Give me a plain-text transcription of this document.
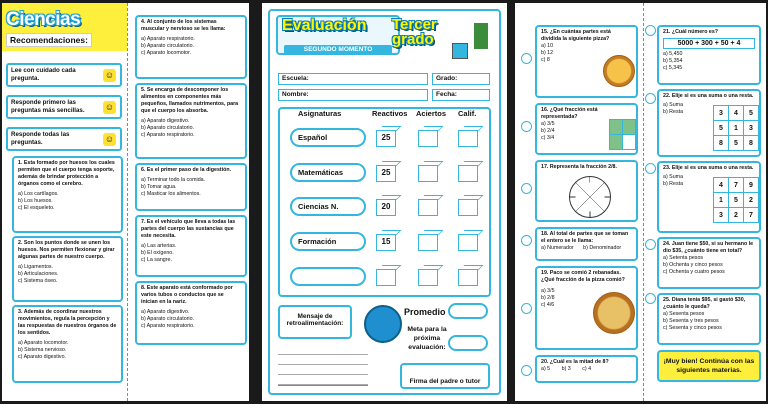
Ciencias
Recomendaciones:
Lee con cuidado cada pregunta.	☺
Responde primero las preguntas más sencillas.	☺
Responde todas las preguntas.	☺
1. Esta formado por huesos los cuales permiten que el cuerpo tenga soporte, además de brindar protección a órganos como el cerebro.
a) Los cartílagos.
b) Los huesos.
c) El esqueleto.
2. Son los puntos donde se unen los huesos. Nos permiten flexionar y girar algunas partes de nuestro cuerpo.
a) Ligamentos.
b) Articulaciones.
c) Sistema óseo.
3. Además de coordinar nuestros movimientos, regula la percepción y las respuestas de nuestros órganos de los sentidos.
a) Aparato locomotor.
b) Sistema nervioso.
c) Aparato digestivo.
4. Al conjunto de los sistemas muscular y nervioso se les llama:
a) Aparato respiratorio.
b) Aparato circulatorio.
c) Aparato locomotor.
5. Se encarga de descomponer los alimentos en componentes más pequeños, llamados nutrimentos, para que el cuerpo los absorba.
a) Aparato digestivo.
b) Aparato circulatorio.
c) Aparato respiratorio.
6. Es el primer paso de la digestión.
a) Terminar todo la comida.
b) Tomar agua.
c) Masticar los alimentos.
7. Es el vehículo que lleva a todas las partes del cuerpo las sustancias que este necesita.
a) Las arterias.
b) El oxígeno.
c) La sangre.
8. Este aparato está conformado por varios tubos o conductos que se inician en la nariz.
a) Aparato digestivo.
b) Aparato circulatorio.
c) Aparato respiratorio.
Evaluación
SEGUNDO MOMENTO
Tercer grado
Escuela:	Grado:
Nombre:	Fecha:
Asignaturas	Reactivos Aciertos Calif.
Español	25
Matemáticas	25
Ciencias N.	20
Formación	15
Mensaje de retroalimentación:
Promedio
Meta para la próxima evaluación:
Firma del padre o tutor
15. ¿En cuántas partes está dividida la siguiente pizza?
a) 10
b) 12
c) 8
16. ¿Qué fracción está representada?
a) 3/5
b) 2/4
c) 3/4

17. Representa la fracción 2/8.
18. Al total de partes que se toman el entero se le llama: a) Numerador b) Denominador
19. Paco se comió 2 rebanadas. ¿Qué fracción de la pizza comió?
a) 3/5
b) 2/8
c) 4/6
20. ¿Cuál es la mitad de 8?
a) 5 b) 3 c) 4
21. ¿Cuál número es?
5000 + 300 + 50 + 4
a) 5,450
b) 5,354
c) 5,345
22. Elije si es una suma o una resta.
a) Suma
b) Resta	3	4	5
5	1	3
8	5	8
23. Elije si es una suma o una resta.
a) Suma
b) Resta	4	7	9
1	5	2
3	2	7
24. Juan tiene $50, si su hermano le dio $35, ¿cuánto tiene en total?
a) Setenta pesos
b) Ochenta y cinco pesos
c) Ochenta y cuatro pesos
25. Diana tenía $95, si gastó $30, ¿cuánto le queda?
a) Sesenta pesos
b) Sesenta y tres pesos
c) Sesenta y cinco pesos
¡Muy bien! Continúa con las siguientes materias.
